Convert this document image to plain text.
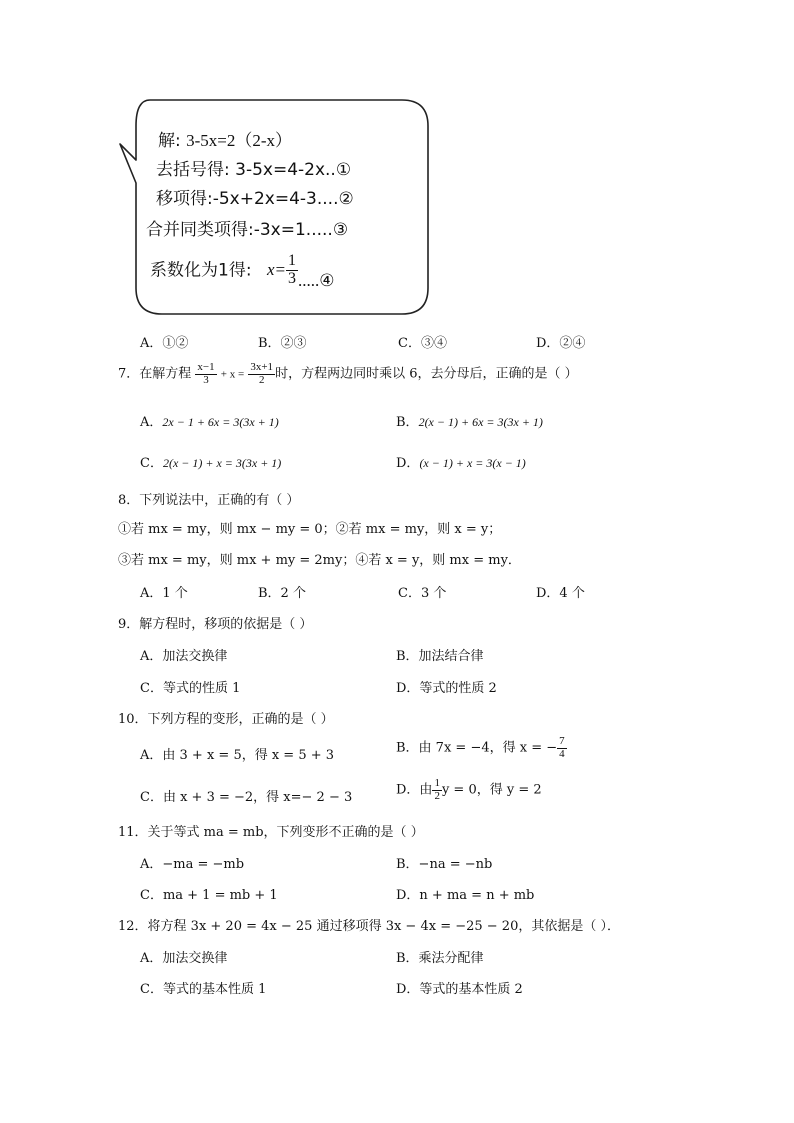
解: 3-5x=2（2-x）
去括号得: 3-5x=4-2x..①
移项得:-5x+2x=4-3....②
合并同类项得:-3x=1.....③
系数化为1得: $x= \frac{1}{3}$ .....④
A．①②	B．②③	C．③④	D．②④
7．在解方程 $\frac{x-1}{3} + x = \frac{3x+1}{2}$ 时，方程两边同时乘以 6，去分母后，正确的是（ ）
A．2x − 1 + 6x = 3(3x + 1)	B．2(x − 1) + 6x = 3(3x + 1)
C．2(x − 1) + x = 3(3x + 1)	D．(x − 1) + x = 3(x − 1)
8．下列说法中，正确的有（ ）
①若 mx = my，则 mx − my = 0；②若 mx = my，则 x = y；
③若 mx = my，则 mx + my = 2my；④若 x = y，则 mx = my．
A．1 个	B．2 个	C．3 个	D．4 个
9．解方程时，移项的依据是（ ）
A．加法交换律	B．加法结合律
C．等式的性质 1	D．等式的性质 2
10．下列方程的变形，正确的是（ ）
A．由 3 + x = 5，得 x = 5 + 3	B．由 7x = −4，得 x = − $\frac{7}{4}$
C．由 x + 3 = −2，得 x=− 2 − 3	D．由 $\frac{1}{2}$ y = 0，得 y = 2
11．关于等式 ma = mb，下列变形不正确的是（ ）
A．−ma = −mb	B．−na = −nb
C．ma + 1 = mb + 1	D．n + ma = n + mb
12．将方程 3x + 20 = 4x − 25 通过移项得 3x − 4x = −25 − 20，其依据是（ ）．
A．加法交换律	B．乘法分配律
C．等式的基本性质 1	D．等式的基本性质 2
